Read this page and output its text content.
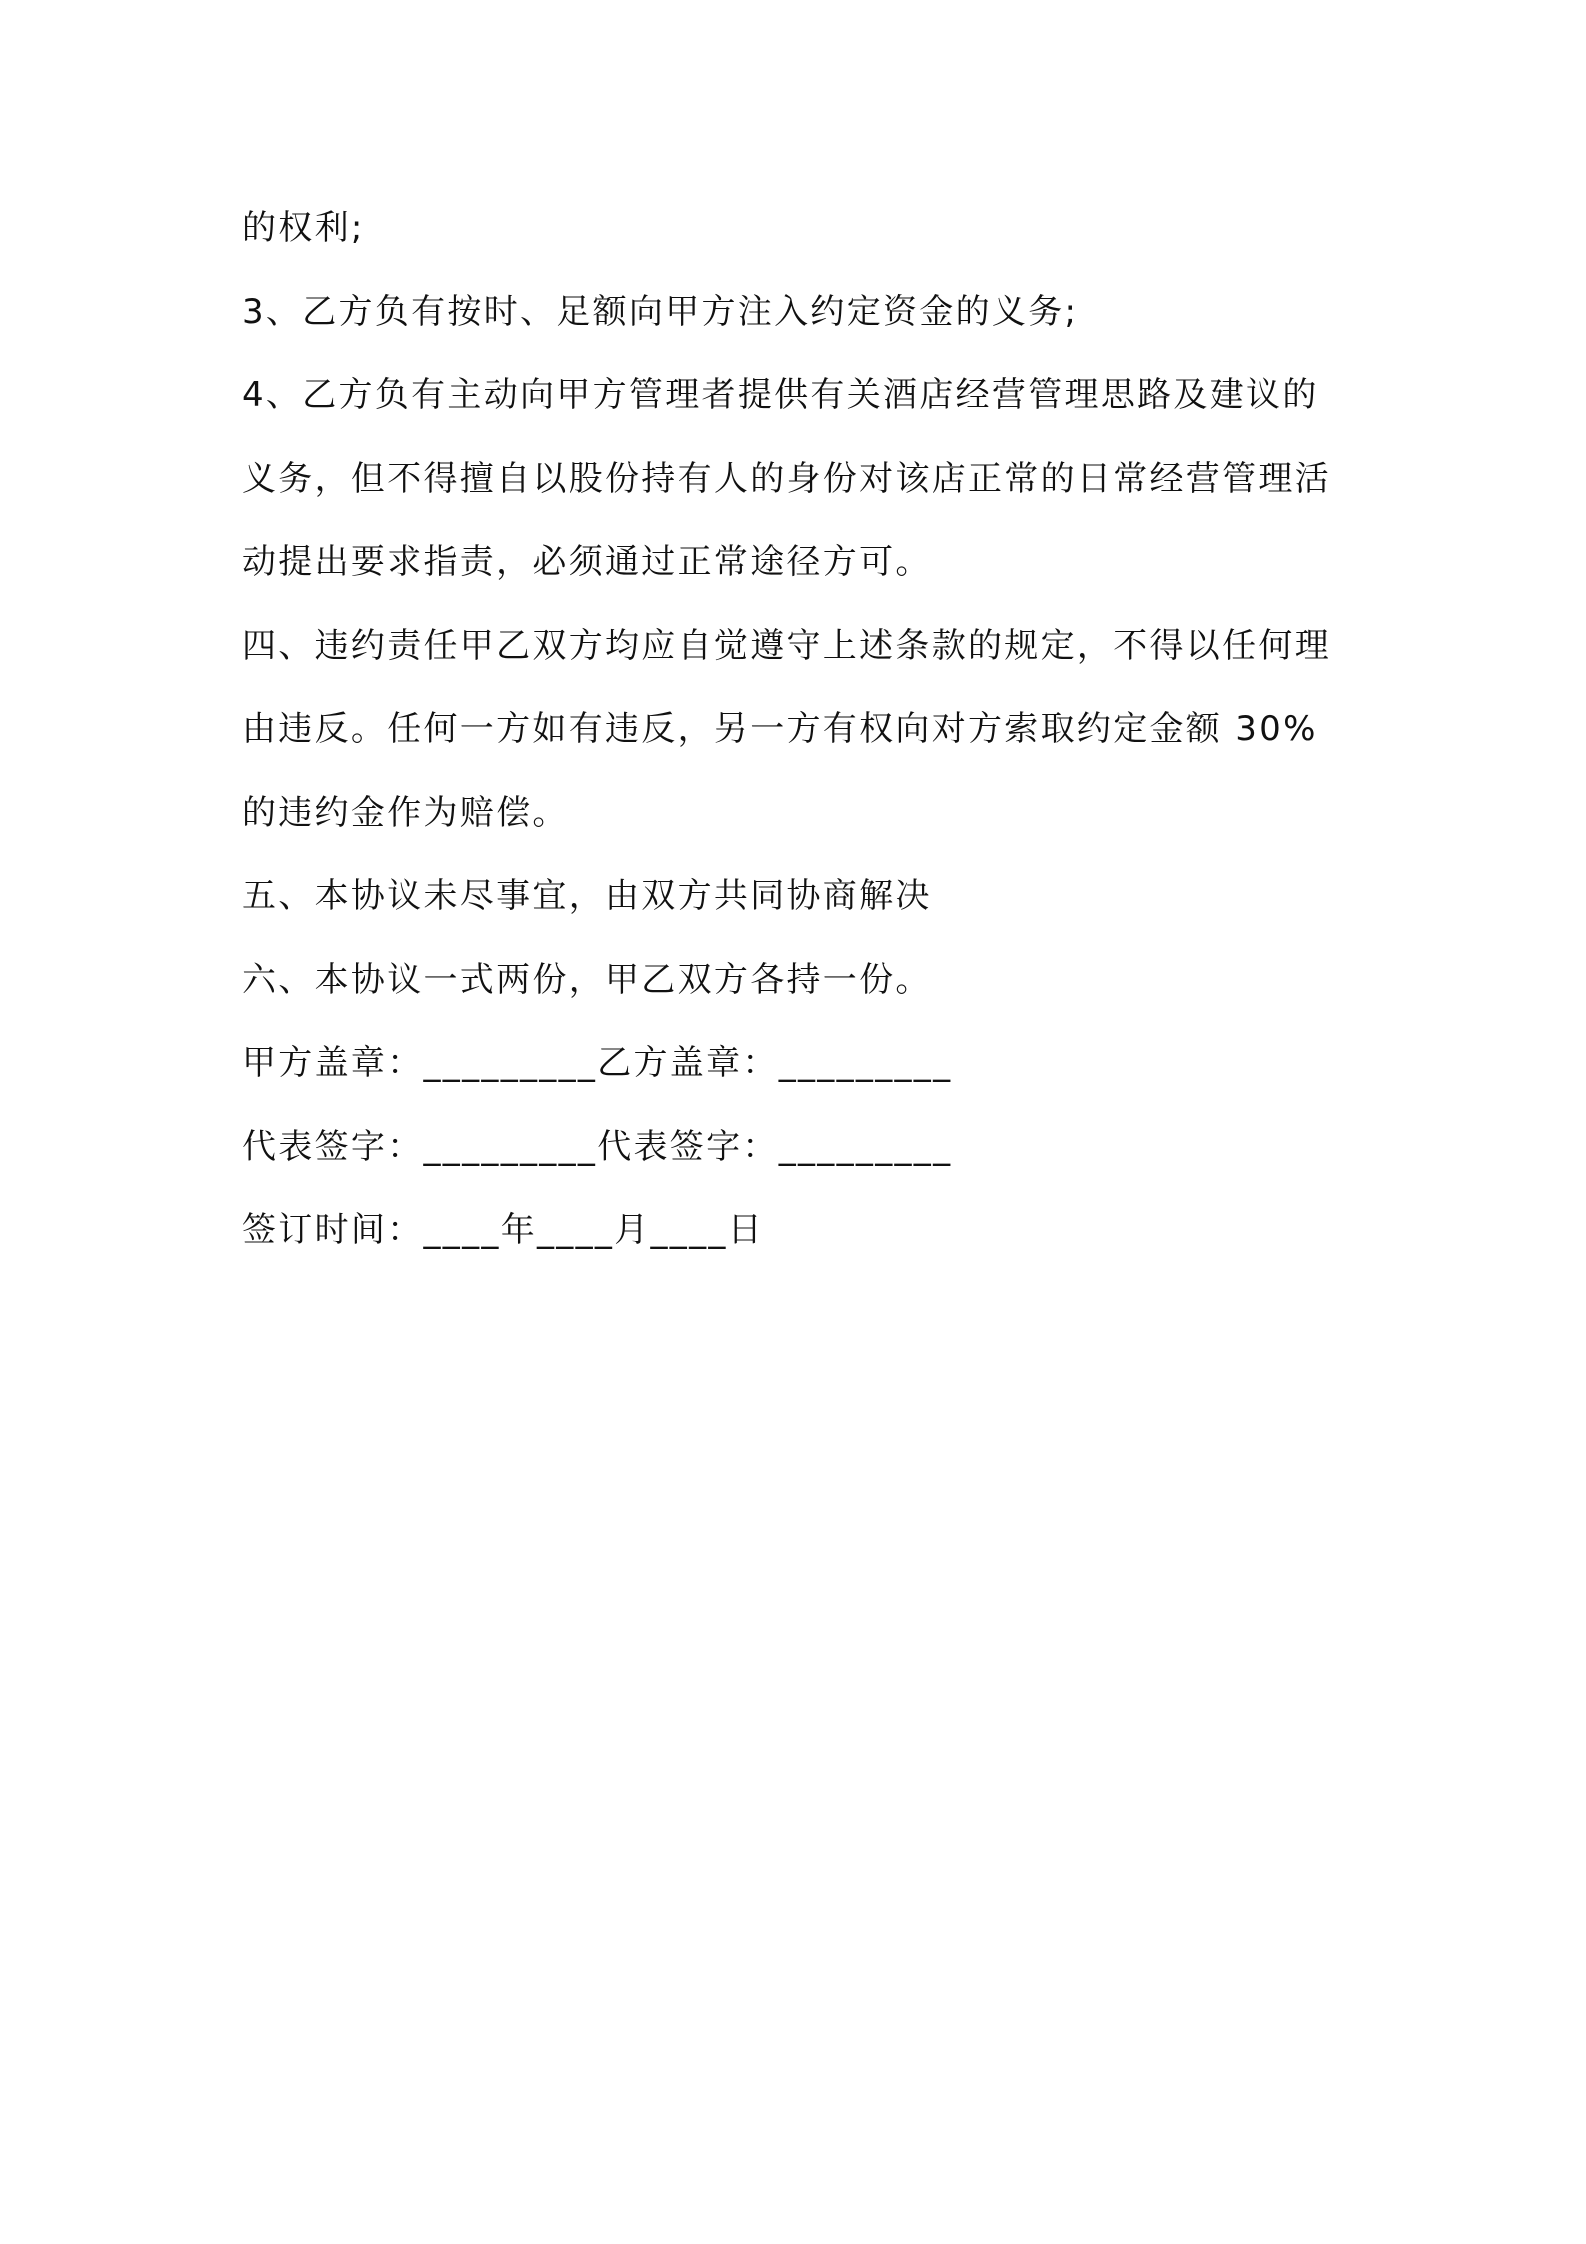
的权利;

3、乙方负有按时、足额向甲方注入约定资金的义务;

4、乙方负有主动向甲方管理者提供有关酒店经营管理思路及建议的

义务，但不得擅自以股份持有人的身份对该店正常的日常经营管理活

动提出要求指责，必须通过正常途径方可。

四、违约责任甲乙双方均应自觉遵守上述条款的规定，不得以任何理

由违反。任何一方如有违反，另一方有权向对方索取约定金额 30%

的违约金作为赔偿。

五、本协议未尽事宜，由双方共同协商解决

六、本协议一式两份，甲乙双方各持一份。

甲方盖章：_________乙方盖章：_________

代表签字：_________代表签字：_________

签订时间：____年____月____日
